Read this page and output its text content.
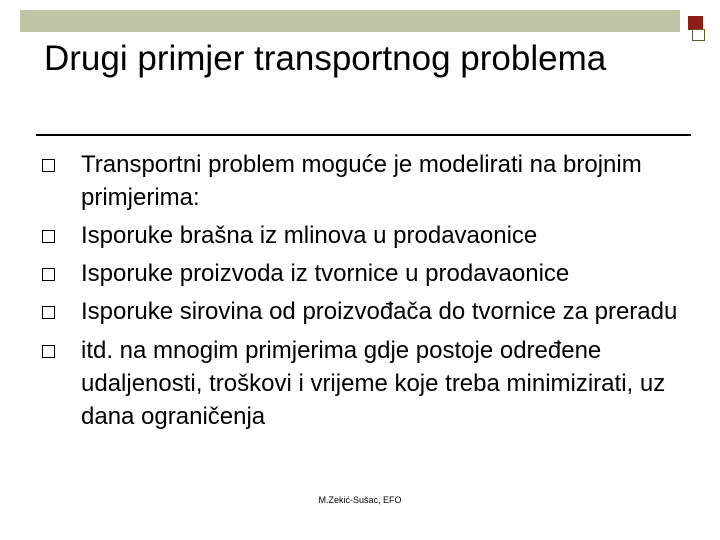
Drugi primjer transportnog problema
Transportni problem moguće je modelirati na brojnim primjerima:
Isporuke brašna iz mlinova u prodavaonice
Isporuke proizvoda iz tvornice u prodavaonice
Isporuke sirovina od proizvođača do tvornice za preradu
itd. na mnogim primjerima gdje postoje određene udaljenosti, troškovi i vrijeme koje treba minimizirati, uz dana ograničenja
M.Zekić-Sušac, EFO
